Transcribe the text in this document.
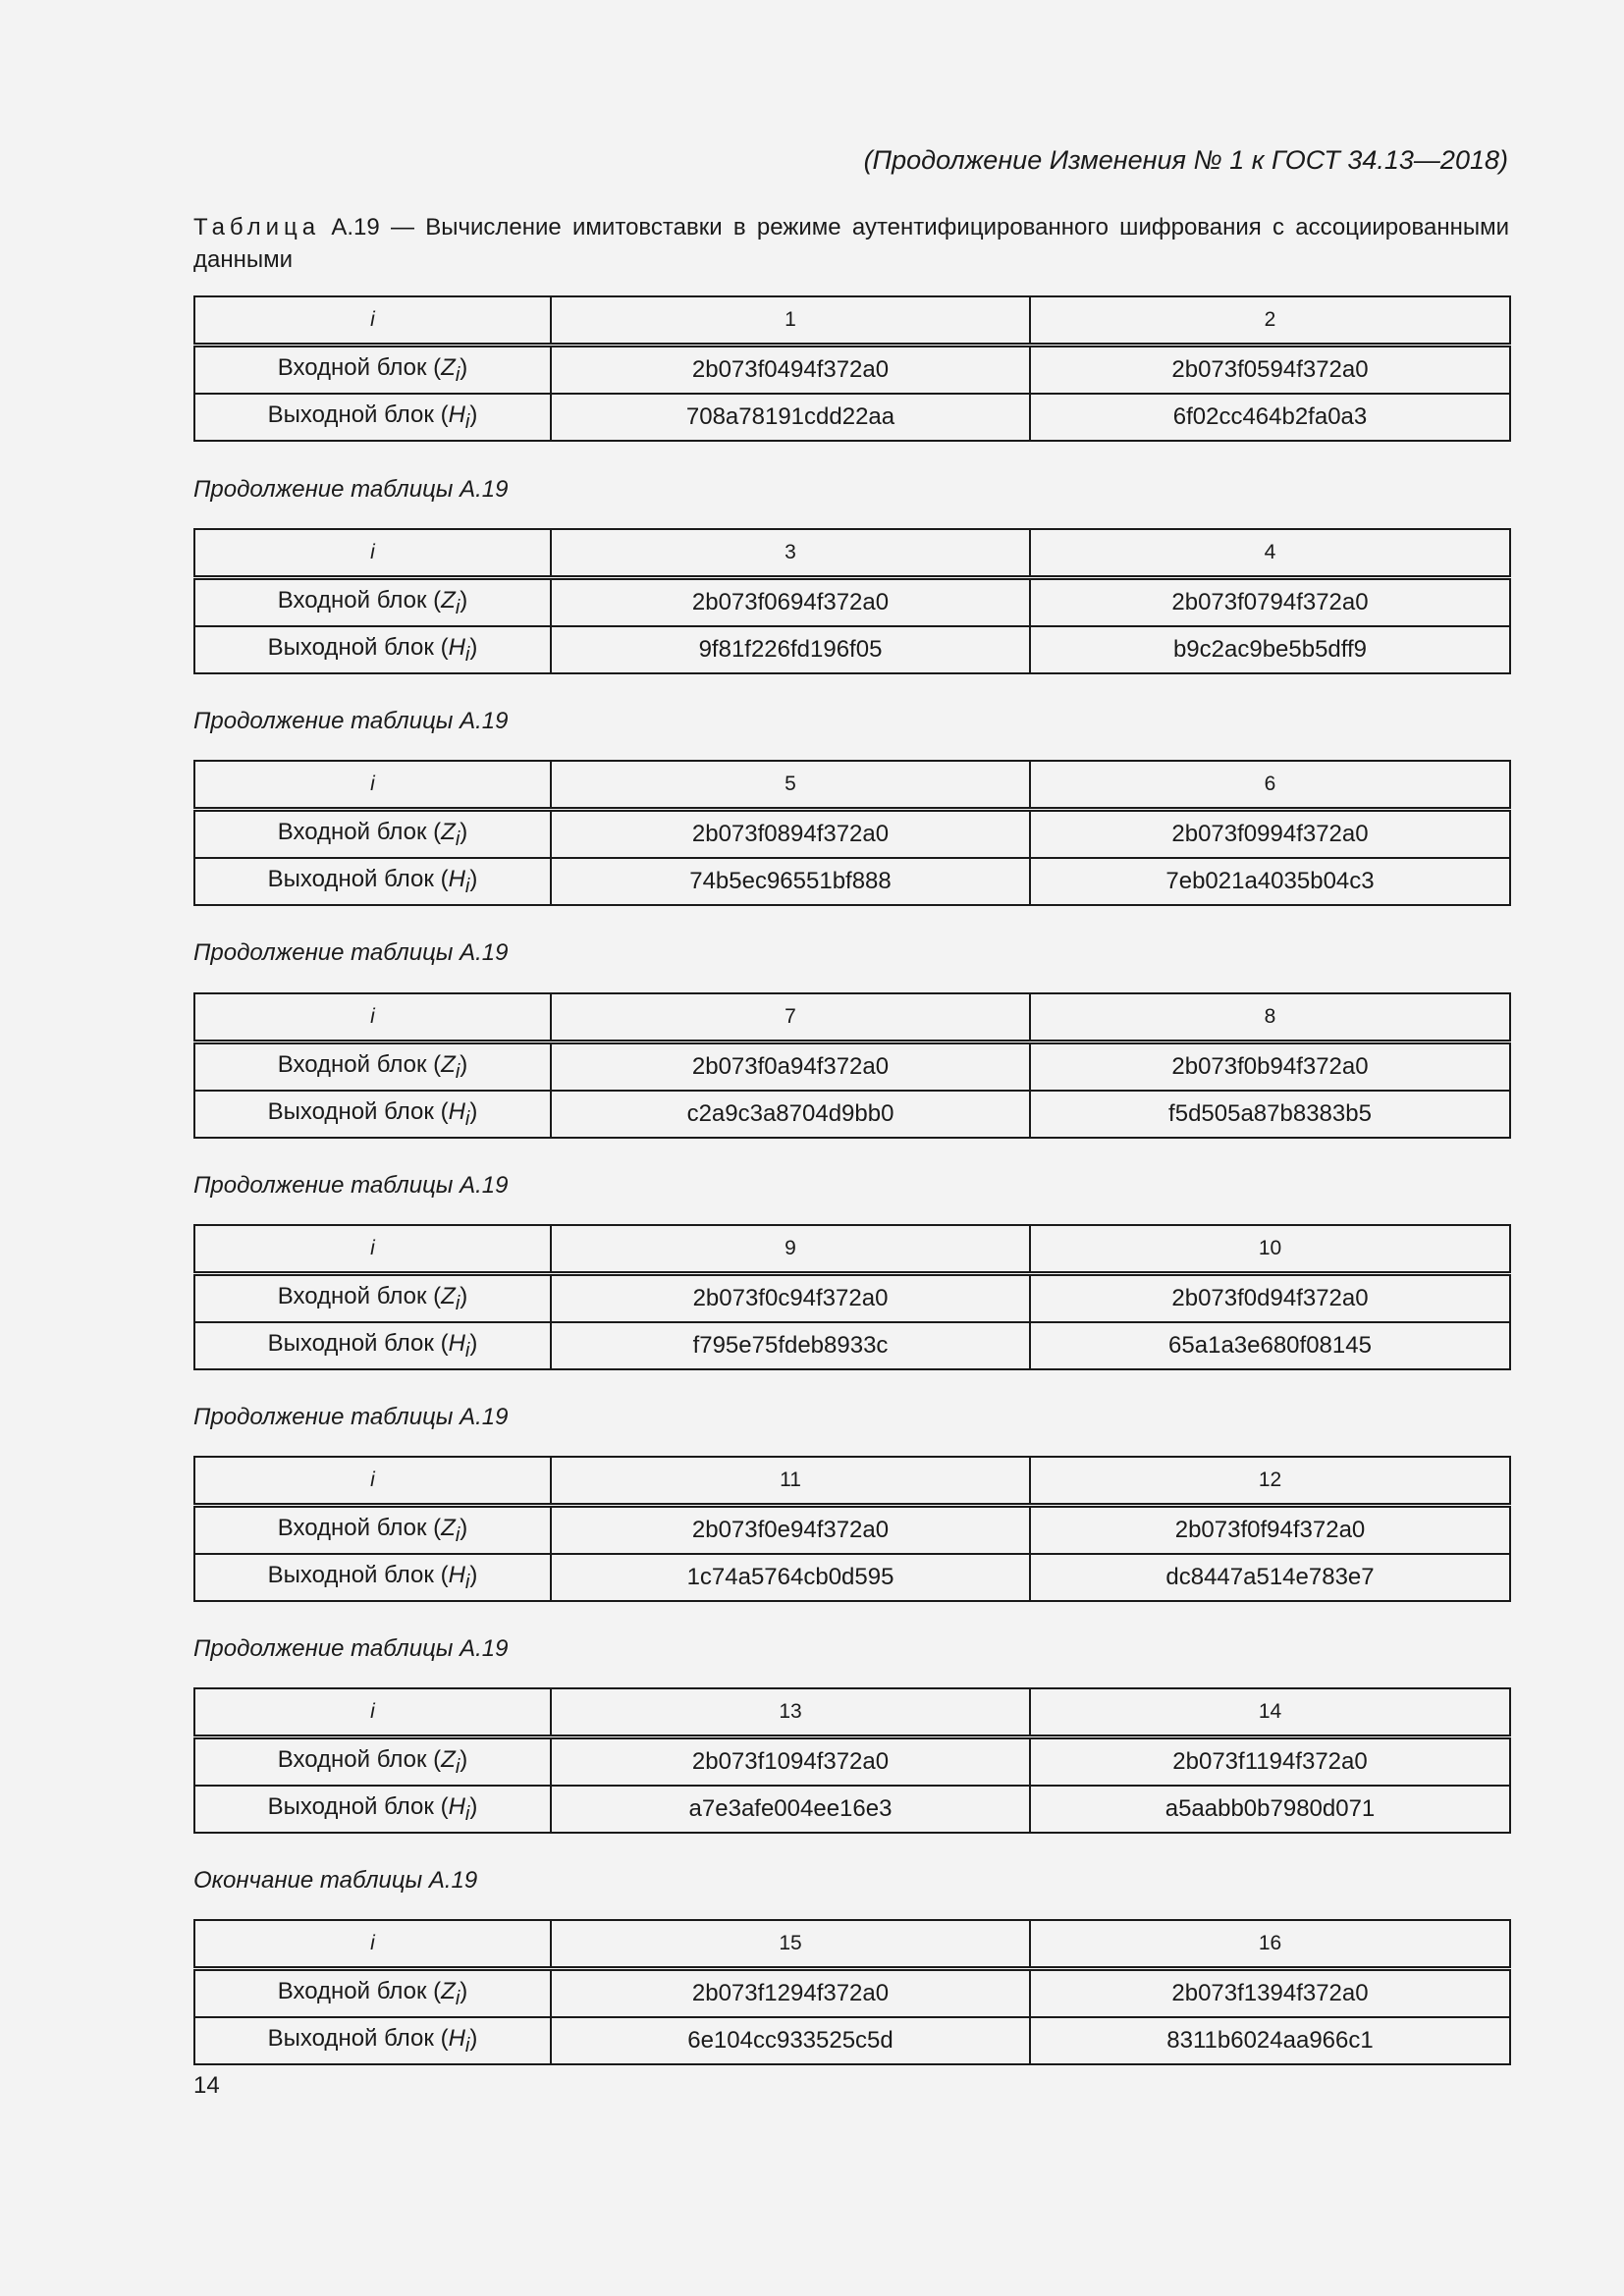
(Продолжение Изменения № 1 к ГОСТ 34.13—2018)
Таблица А.19 — Вычисление имитовставки в режиме аутентифицированного шифрования с ассоциированными данными
i	1	2
Входной блок $(Z_i)$	2b073f0494f372a0	2b073f0594f372a0
Выходной блок $(H_i)$	708a78191cdd22aa	6f02cc464b2fa0a3
Продолжение таблицы А.19
i	3	4
Входной блок $(Z_i)$	2b073f0694f372a0	2b073f0794f372a0
Выходной блок $(H_i)$	9f81f226fd196f05	b9c2ac9be5b5dff9
Продолжение таблицы А.19
i	5	6
Входной блок $(Z_i)$	2b073f0894f372a0	2b073f0994f372a0
Выходной блок $(H_i)$	74b5ec96551bf888	7eb021a4035b04c3
Продолжение таблицы А.19
i	7	8
Входной блок $(Z_i)$	2b073f0a94f372a0	2b073f0b94f372a0
Выходной блок $(H_i)$	c2a9c3a8704d9bb0	f5d505a87b8383b5
Продолжение таблицы А.19
i	9	10
Входной блок $(Z_i)$	2b073f0c94f372a0	2b073f0d94f372a0
Выходной блок $(H_i)$	f795e75fdeb8933c	65a1a3e680f08145
Продолжение таблицы А.19
i	11	12
Входной блок $(Z_i)$	2b073f0e94f372a0	2b073f0f94f372a0
Выходной блок $(H_i)$	1c74a5764cb0d595	dc8447a514e783e7
Продолжение таблицы А.19
i	13	14
Входной блок $(Z_i)$	2b073f1094f372a0	2b073f1194f372a0
Выходной блок $(H_i)$	a7e3afe004ee16e3	a5aabb0b7980d071
Окончание таблицы А.19
i	15	16
Входной блок $(Z_i)$	2b073f1294f372a0	2b073f1394f372a0
Выходной блок $(H_i)$	6e104cc933525c5d	8311b6024aa966c1
14
